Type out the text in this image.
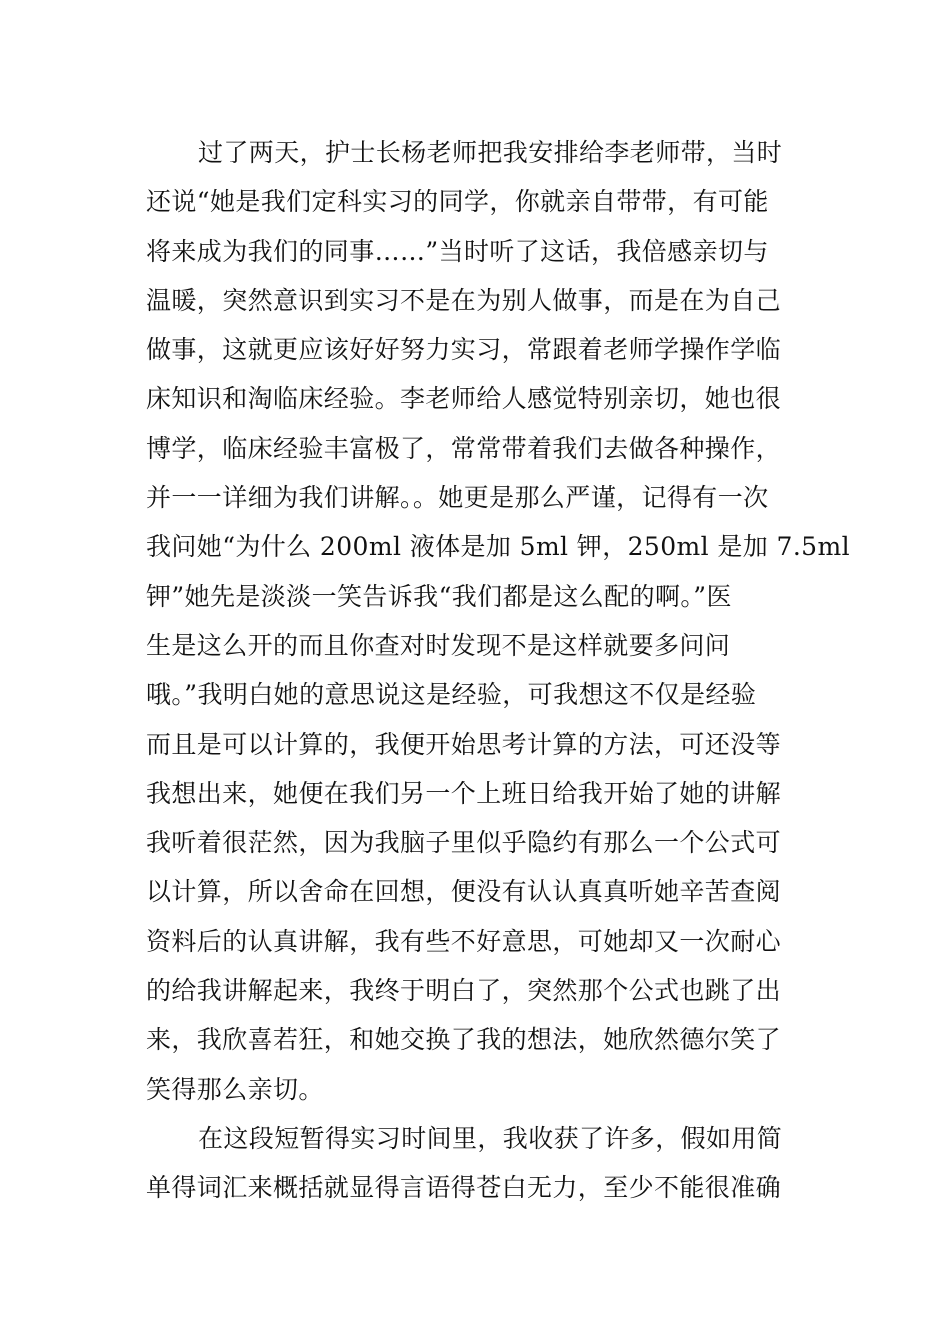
过了两天，护士长杨老师把我安排给李老师带，当时
还说“她是我们定科实习的同学，你就亲自带带，有可能
将来成为我们的同事……”当时听了这话，我倍感亲切与
温暖，突然意识到实习不是在为别人做事，而是在为自己
做事，这就更应该好好努力实习，常跟着老师学操作学临
床知识和淘临床经验。李老师给人感觉特别亲切，她也很
博学，临床经验丰富极了，常常带着我们去做各种操作，
并一一详细为我们讲解。。她更是那么严谨，记得有一次
我问她“为什么 200ml 液体是加 5ml 钾，250ml 是加 7.5ml
钾”她先是淡淡一笑告诉我“我们都是这么配的啊。”医
生是这么开的而且你查对时发现不是这样就要多问问
哦。”我明白她的意思说这是经验，可我想这不仅是经验
而且是可以计算的，我便开始思考计算的方法，可还没等
我想出来，她便在我们另一个上班日给我开始了她的讲解
我听着很茫然，因为我脑子里似乎隐约有那么一个公式可
以计算，所以舍命在回想，便没有认认真真听她辛苦查阅
资料后的认真讲解，我有些不好意思，可她却又一次耐心
的给我讲解起来，我终于明白了，突然那个公式也跳了出
来，我欣喜若狂，和她交换了我的想法，她欣然德尔笑了
笑得那么亲切。
在这段短暂得实习时间里，我收获了许多，假如用简
单得词汇来概括就显得言语得苍白无力，至少不能很准确
